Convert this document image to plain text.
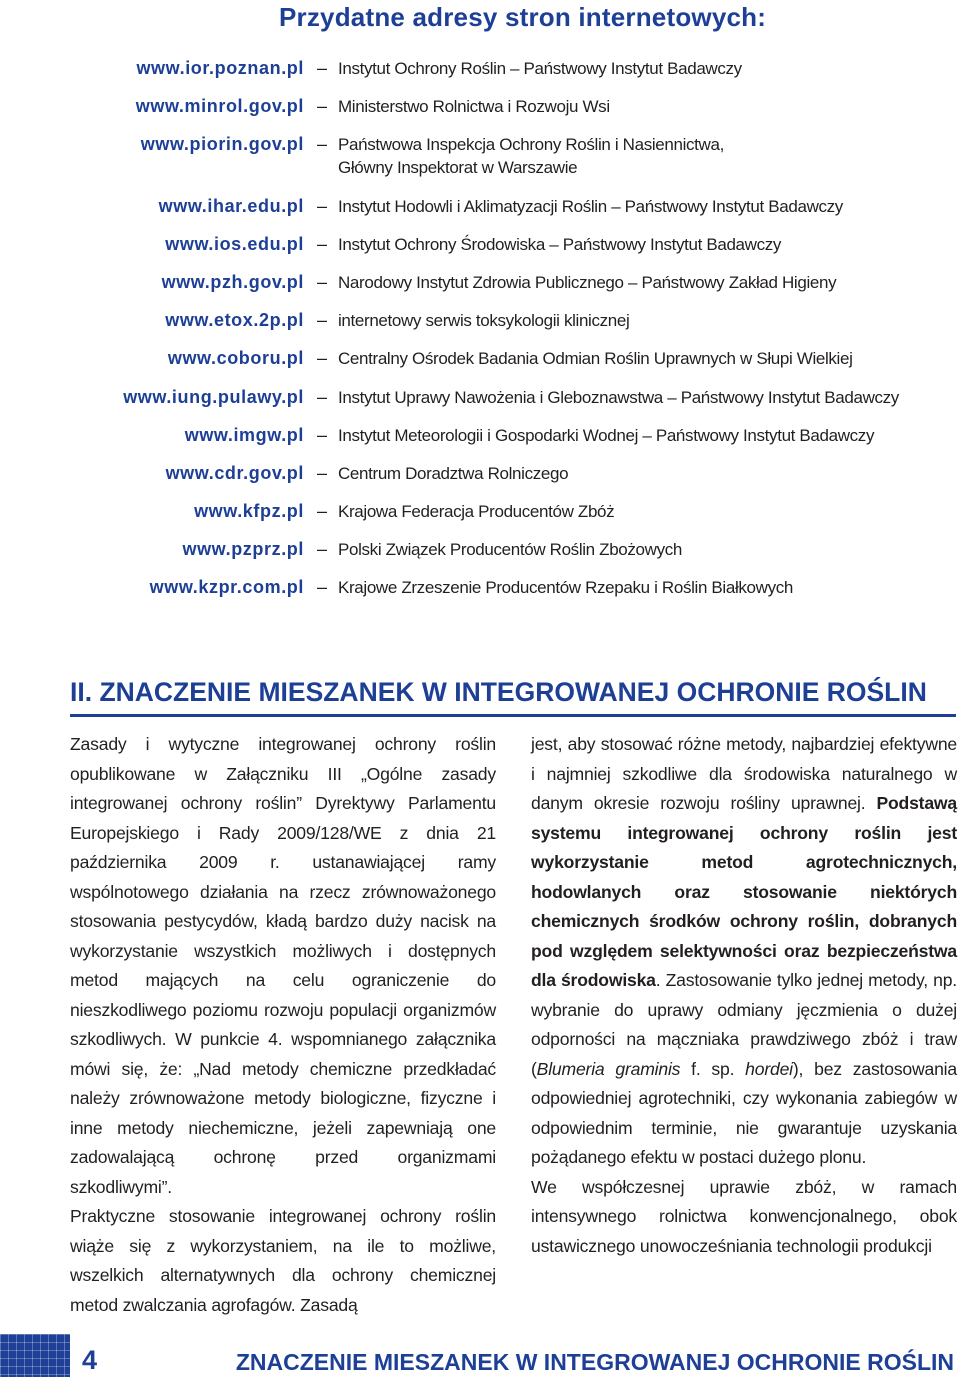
Przydatne adresy stron internetowych:
www.ior.poznan.pl – Instytut Ochrony Roślin – Państwowy Instytut Badawczy
www.minrol.gov.pl – Ministerstwo Rolnictwa i Rozwoju Wsi
www.piorin.gov.pl – Państwowa Inspekcja Ochrony Roślin i Nasiennictwa,
Główny Inspektorat w Warszawie
www.ihar.edu.pl – Instytut Hodowli i Aklimatyzacji Roślin – Państwowy Instytut Badawczy
www.ios.edu.pl – Instytut Ochrony Środowiska – Państwowy Instytut Badawczy
www.pzh.gov.pl – Narodowy Instytut Zdrowia Publicznego – Państwowy Zakład Higieny
www.etox.2p.pl – internetowy serwis toksykologii klinicznej
www.coboru.pl – Centralny Ośrodek Badania Odmian Roślin Uprawnych w Słupi Wielkiej
www.iung.pulawy.pl – Instytut Uprawy Nawożenia i Gleboznawstwa – Państwowy Instytut Badawczy
www.imgw.pl – Instytut Meteorologii i Gospodarki Wodnej – Państwowy Instytut Badawczy
www.cdr.gov.pl – Centrum Doradztwa Rolniczego
www.kfpz.pl – Krajowa Federacja Producentów Zbóż
www.pzprz.pl – Polski Związek Producentów Roślin Zbożowych
www.kzpr.com.pl – Krajowe Zrzeszenie Producentów Rzepaku i Roślin Białkowych
II. ZNACZENIE MIESZANEK W INTEGROWANEJ OCHRONIE ROŚLIN

Zasady i wytyczne integrowanej ochrony roślin opublikowane w Załączniku III „Ogólne zasady integrowanej ochrony roślin” Dyrektywy Parlamentu Europejskiego i Rady 2009/128/WE z dnia 21 października 2009 r. ustanawiającej ramy wspólnotowego działania na rzecz zrównoważonego stosowania pestycydów, kładą bardzo duży nacisk na wykorzystanie wszystkich możliwych i dostępnych metod mających na celu ograniczenie do nieszkodliwego poziomu rozwoju populacji organizmów szkodliwych. W punkcie 4. wspomnianego załącznika mówi się, że: „Nad metody chemiczne przedkładać należy zrównoważone metody biologiczne, fizyczne i inne metody niechemiczne, jeżeli zapewniają one zadowalającą ochronę przed organizmami szkodliwymi”.

Praktyczne stosowanie integrowanej ochrony roślin wiąże się z wykorzystaniem, na ile to możliwe, wszelkich alternatywnych dla ochrony chemicznej metod zwalczania agrofagów. Zasadą

jest, aby stosować różne metody, najbardziej efektywne i najmniej szkodliwe dla środowiska naturalnego w danym okresie rozwoju rośliny uprawnej. Podstawą systemu integrowanej ochrony roślin jest wykorzystanie metod agrotechnicznych, hodowlanych oraz stosowanie niektórych chemicznych środków ochrony roślin, dobranych pod względem selektywności oraz bezpieczeństwa dla środowiska. Zastosowanie tylko jednej metody, np. wybranie do uprawy odmiany jęczmienia o dużej odporności na mączniaka prawdziwego zbóż i traw (Blumeria graminis f. sp. hordei), bez zastosowania odpowiedniej agrotechniki, czy wykonania zabiegów w odpowiednim terminie, nie gwarantuje uzyskania pożądanego efektu w postaci dużego plonu.

We współczesnej uprawie zbóż, w ramach intensywnego rolnictwa konwencjonalnego, obok ustawicznego unowocześniania technologii produkcji

4	ZNACZENIE MIESZANEK W INTEGROWANEJ OCHRONIE ROŚLIN
